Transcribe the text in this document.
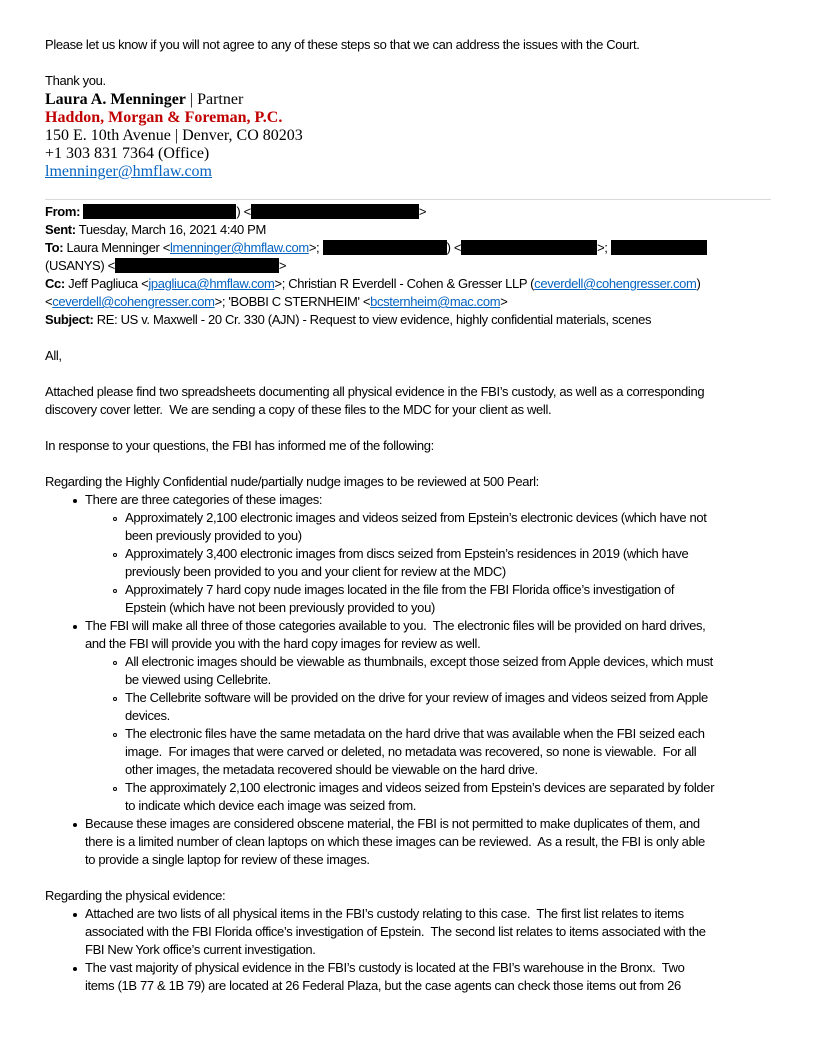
Please let us know if you will not agree to any of these steps so that we can address the issues with the Court.
Thank you.
Laura A. Menninger | Partner
Haddon, Morgan & Foreman, P.C.
150 E. 10th Avenue | Denver, CO 80203
+1 303 831 7364 (Office)
lmenninger@hmflaw.com
From:	) <	>
Sent: Tuesday, March 16, 2021 4:40 PM
To: Laura Menninger <lmenninger@hmflaw.com>;	) <	>;
(USANYS) <	>
Cc: Jeff Pagliuca <jpagliuca@hmflaw.com>; Christian R Everdell - Cohen & Gresser LLP (ceverdell@cohengresser.com)
<ceverdell@cohengresser.com>; 'BOBBI C STERNHEIM' <bcsternheim@mac.com>
Subject: RE: US v. Maxwell - 20 Cr. 330 (AJN) - Request to view evidence, highly confidential materials, scenes
All,
Attached please find two spreadsheets documenting all physical evidence in the FBI’s custody, as well as a corresponding
discovery cover letter.  We are sending a copy of these files to the MDC for your client as well.
In response to your questions, the FBI has informed me of the following:
Regarding the Highly Confidential nude/partially nudge images to be reviewed at 500 Pearl:
There are three categories of these images:
Approximately 2,100 electronic images and videos seized from Epstein’s electronic devices (which have not
been previously provided to you)
Approximately 3,400 electronic images from discs seized from Epstein’s residences in 2019 (which have
previously been provided to you and your client for review at the MDC)
Approximately 7 hard copy nude images located in the file from the FBI Florida office’s investigation of
Epstein (which have not been previously provided to you)
The FBI will make all three of those categories available to you.  The electronic files will be provided on hard drives,
and the FBI will provide you with the hard copy images for review as well.
All electronic images should be viewable as thumbnails, except those seized from Apple devices, which must
be viewed using Cellebrite.
The Cellebrite software will be provided on the drive for your review of images and videos seized from Apple
devices.
The electronic files have the same metadata on the hard drive that was available when the FBI seized each
image.  For images that were carved or deleted, no metadata was recovered, so none is viewable.  For all
other images, the metadata recovered should be viewable on the hard drive.
The approximately 2,100 electronic images and videos seized from Epstein’s devices are separated by folder
to indicate which device each image was seized from.
Because these images are considered obscene material, the FBI is not permitted to make duplicates of them, and
there is a limited number of clean laptops on which these images can be reviewed.  As a result, the FBI is only able
to provide a single laptop for review of these images.
Regarding the physical evidence:
Attached are two lists of all physical items in the FBI’s custody relating to this case.  The first list relates to items
associated with the FBI Florida office’s investigation of Epstein.  The second list relates to items associated with the
FBI New York office’s current investigation.
The vast majority of physical evidence in the FBI’s custody is located at the FBI’s warehouse in the Bronx.  Two
items (1B 77 & 1B 79) are located at 26 Federal Plaza, but the case agents can check those items out from 26
